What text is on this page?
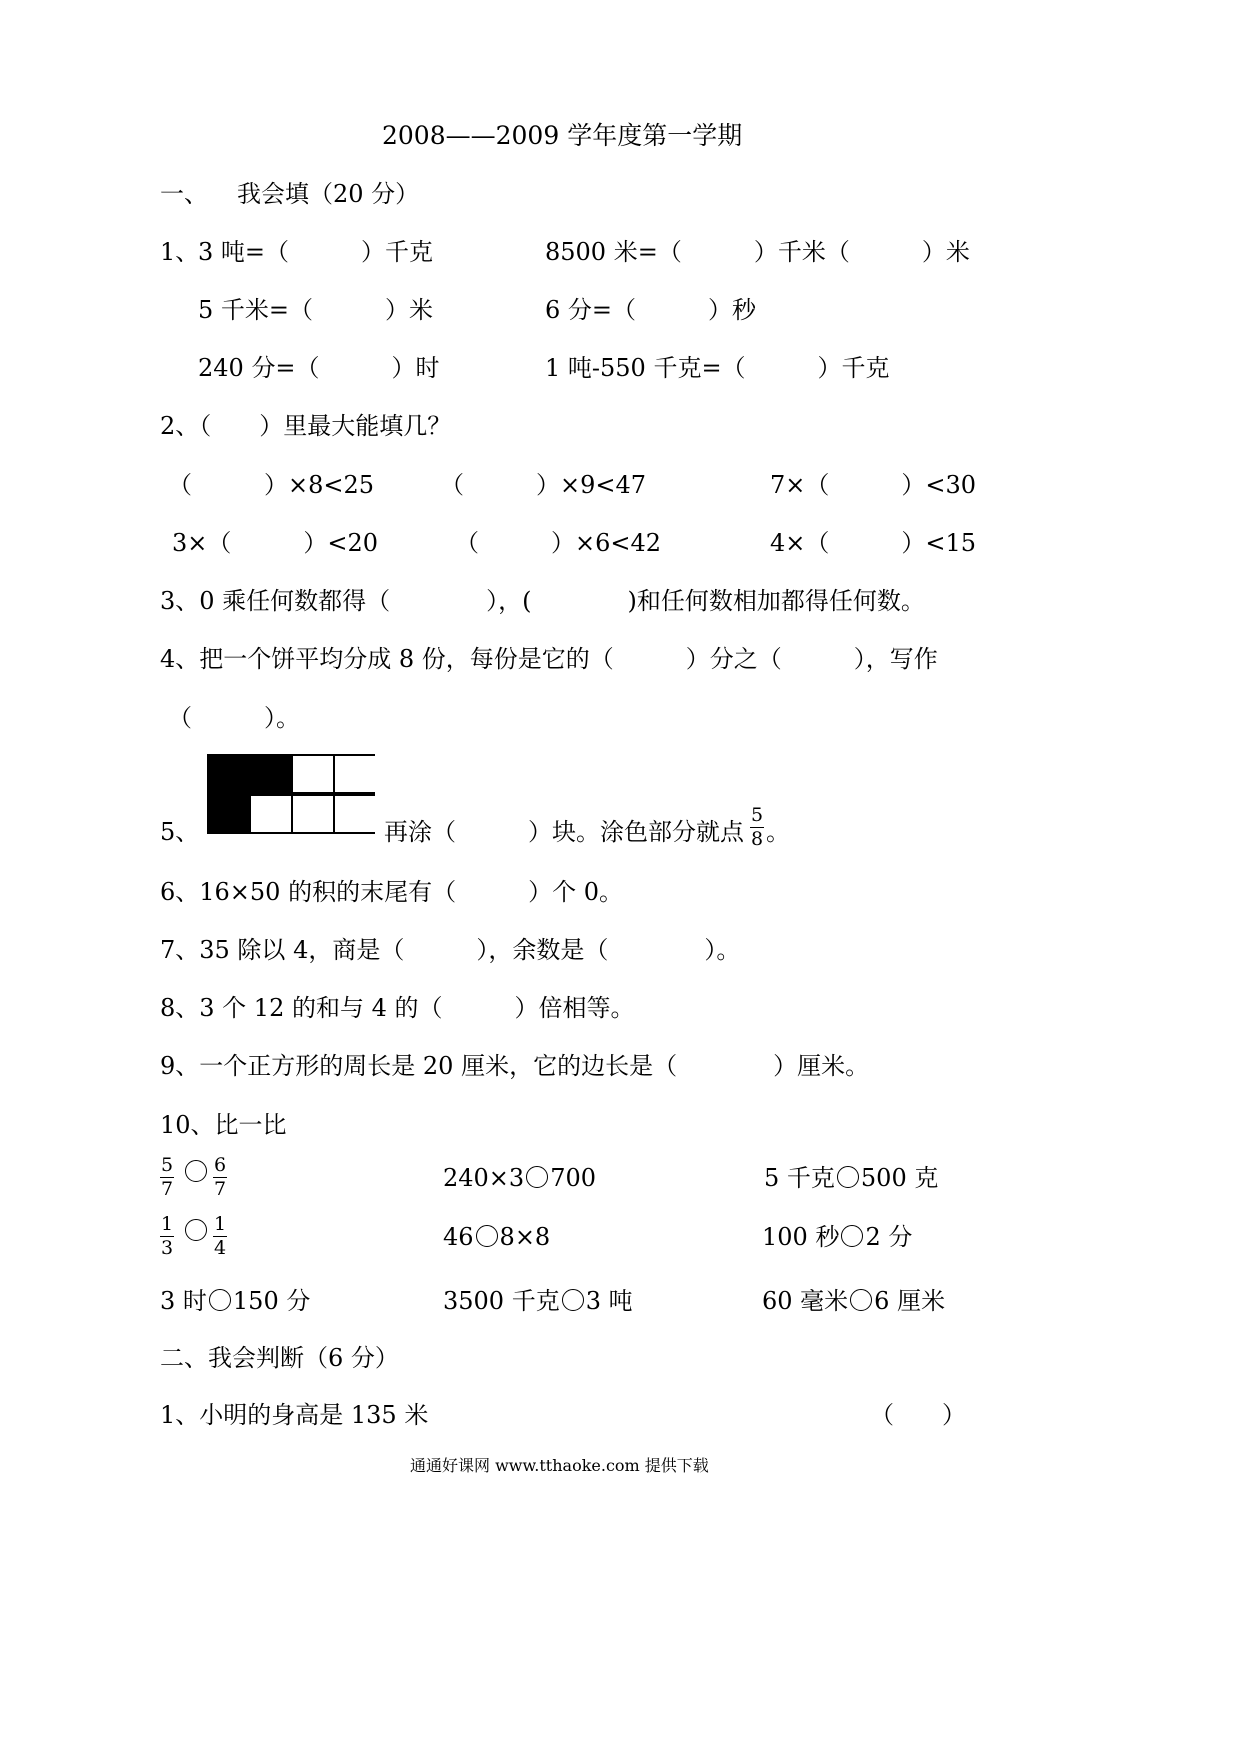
2008——2009 学年度第一学期
一、 我会填（20 分）
1、
3 吨=（　　　）千克	8500 米=（　　　）千米（　　　）米
5 千米=（　　　）米	6 分=（　　　）秒
240 分=（　　　）时	1 吨-550 千克=（　　　）千克
2、（　　）里最大能填几？
（　　　）×8<25	（　　　）×9<47	7×（　　　）<30
3×（　　　）<20	（　　　）×6<42	4×（　　　）<15
3、0 乘任何数都得（　　　　），(　　　　)和任何数相加都得任何数。
4、把一个饼平均分成 8 份，每份是它的（　　　）分之（　　　），写作
（　　　）。
5、	再涂（　　　）块。涂色部分就点 $\frac{5}{8}$ 。
6、16×50 的积的末尾有（　　　）个 0。
7、35 除以 4，商是（　　　），余数是（　　　　）。
8、3 个 12 的和与 4 的（　　　）倍相等。
9、一个正方形的周长是 20 厘米，它的边长是（　　　　）厘米。
10、比一比
$\frac{5}{7} \frac{6}{7}$	240×3 700	5 千克 500 克
$\frac{1}{3} \frac{1}{4}$	46 8×8	100 秒 2 分
3 时 150 分	3500 千克 3 吨	60 毫米 6 厘米
二、我会判断（6 分）
1、小明的身高是 135 米	（　　）
通通好课网 www.tthaoke.com 提供下载
